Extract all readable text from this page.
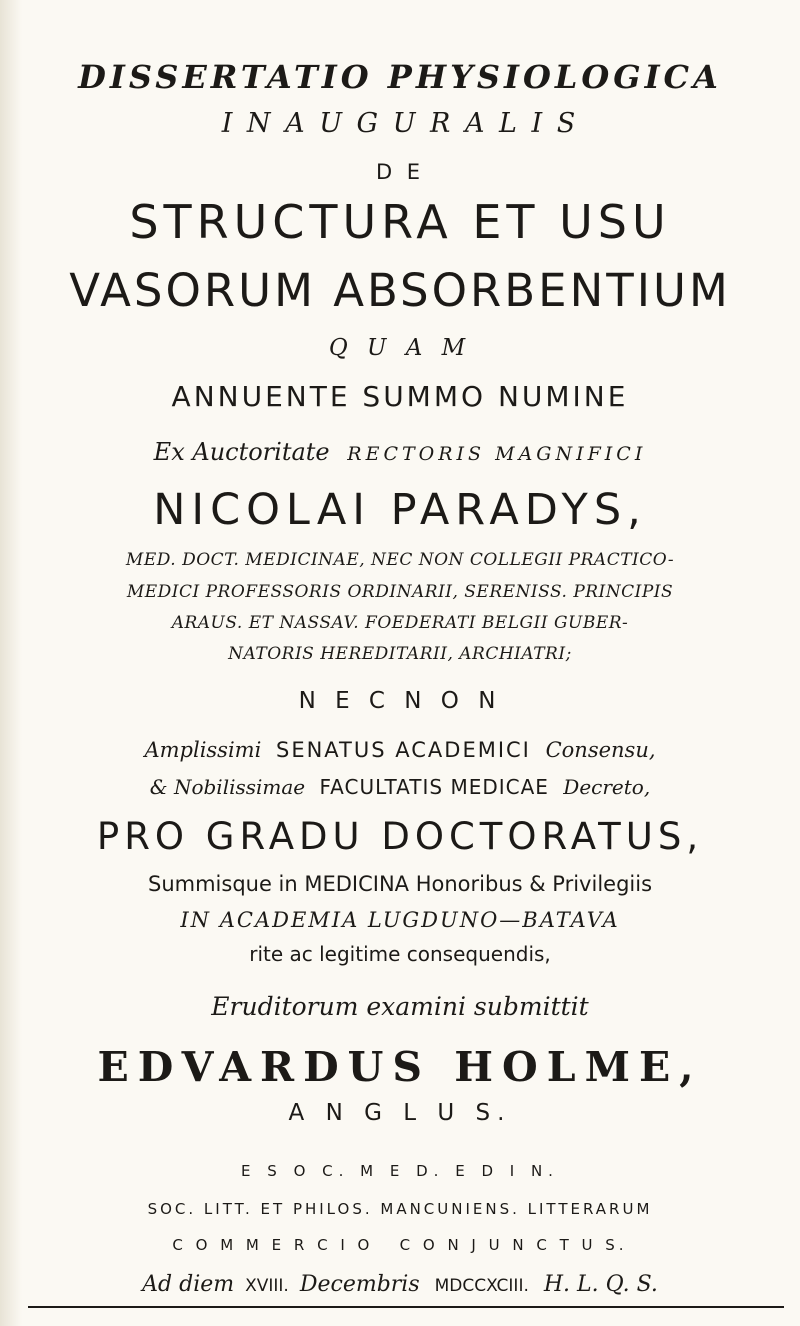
DISSERTATIO PHYSIOLOGICA
I N A U G U R A L I S
D E
STRUCTURA ET USU
VASORUM ABSORBENTIUM
Q U A M
ANNUENTE SUMMO NUMINE
Ex Auctoritate RECTORIS MAGNIFICI
NICOLAI PARADYS,
MED. DOCT. MEDICINAE, NEC NON COLLEGII PRACTICO-
MEDICI PROFESSORIS ORDINARII, SERENISS. PRINCIPIS
ARAUS. ET NASSAV. FOEDERATI BELGII GUBER-
NATORIS HEREDITARII, ARCHIATRI;
N E C N O N
Amplissimi SENATUS ACADEMICI Consensu,
& Nobilissimae FACULTATIS MEDICAE Decreto,
PRO GRADU DOCTORATUS,
Summisque in MEDICINA Honoribus & Privilegiis
IN ACADEMIA LUGDUNO—BATAVA
rite ac legitime consequendis,
Eruditorum examini submittit
EDVARDUS HOLME,
A N G L U S.
E S O C. M E D. E D I N.
SOC. LITT. ET PHILOS. MANCUNIENS. LITTERARUM
C O M M E R C I O   C O N J U N C T U S.
Ad diem XVIII. Decembris MDCCXCIII. H. L. Q. S.
